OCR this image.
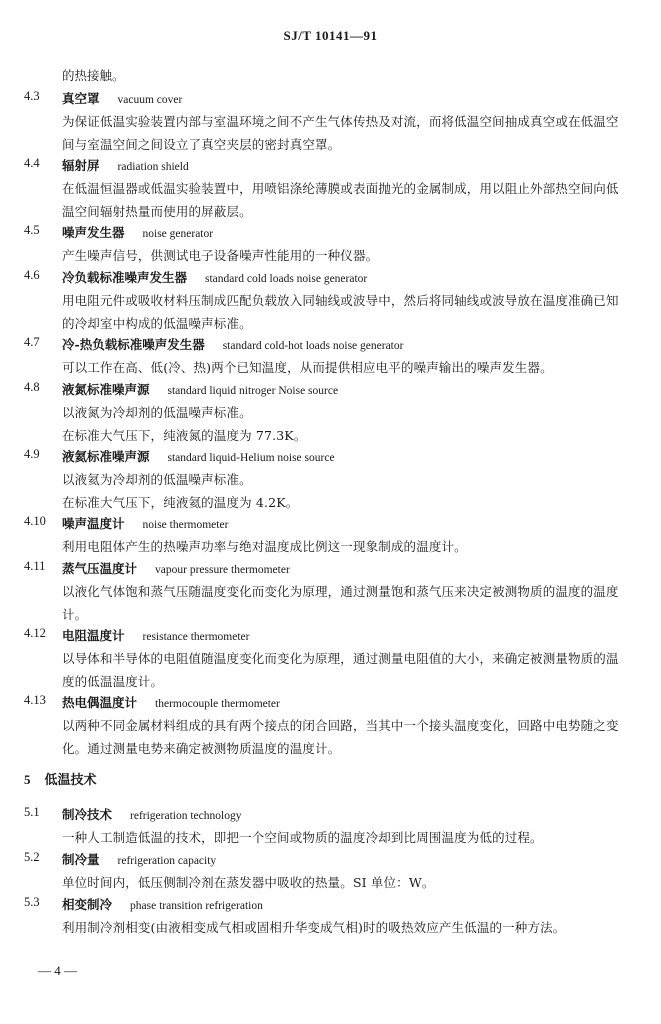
SJ/T 10141—91
的热接触。
4.3	真空罩 vacuum cover
为保证低温实验装置内部与室温环境之间不产生气体传热及对流，而将低温空间抽成真空或在低温空间与室温空间之间设立了真空夹层的密封真空罩。
4.4	辐射屏 radiation shield
在低温恒温器或低温实验装置中，用喷铝涤纶薄膜或表面抛光的金属制成，用以阻止外部热空间向低温空间辐射热量而使用的屏蔽层。
4.5	噪声发生器 noise generator
产生噪声信号，供测试电子设备噪声性能用的一种仪器。
4.6	冷负载标准噪声发生器 standard cold loads noise generator
用电阻元件或吸收材料压制成匹配负载放入同轴线或波导中，然后将同轴线或波导放在温度准确已知的冷却室中构成的低温噪声标准。
4.7	冷-热负载标准噪声发生器 standard cold-hot loads noise generator
可以工作在高、低(冷、热)两个已知温度，从而提供相应电平的噪声输出的噪声发生器。
4.8	液氮标准噪声源 standard liquid nitroger Noise source
以液氮为冷却剂的低温噪声标准。
在标准大气压下，纯液氮的温度为 77.3K。
4.9	液氦标准噪声源 standard liquid-Helium noise source
以液氦为冷却剂的低温噪声标准。
在标准大气压下，纯液氦的温度为 4.2K。
4.10	噪声温度计 noise thermometer
利用电阻体产生的热噪声功率与绝对温度成比例这一现象制成的温度计。
4.11	蒸气压温度计 vapour pressure thermometer
以液化气体饱和蒸气压随温度变化而变化为原理，通过测量饱和蒸气压来决定被测物质的温度的温度计。
4.12	电阻温度计 resistance thermometer
以导体和半导体的电阻值随温度变化而变化为原理，通过测量电阻值的大小，来确定被测量物质的温度的低温温度计。
4.13	热电偶温度计 thermocouple thermometer
以两种不同金属材料组成的具有两个接点的闭合回路，当其中一个接头温度变化，回路中电势随之变化。通过测量电势来确定被测物质温度的温度计。
5 低温技术
5.1	制冷技术 refrigeration technology
一种人工制造低温的技术，即把一个空间或物质的温度冷却到比周围温度为低的过程。
5.2	制冷量 refrigeration capacity
单位时间内，低压侧制冷剂在蒸发器中吸收的热量。SI 单位：W。
5.3	相变制冷 phase transition refrigeration
利用制冷剂相变(由液相变成气相或固相升华变成气相)时的吸热效应产生低温的一种方法。
— 4 —
